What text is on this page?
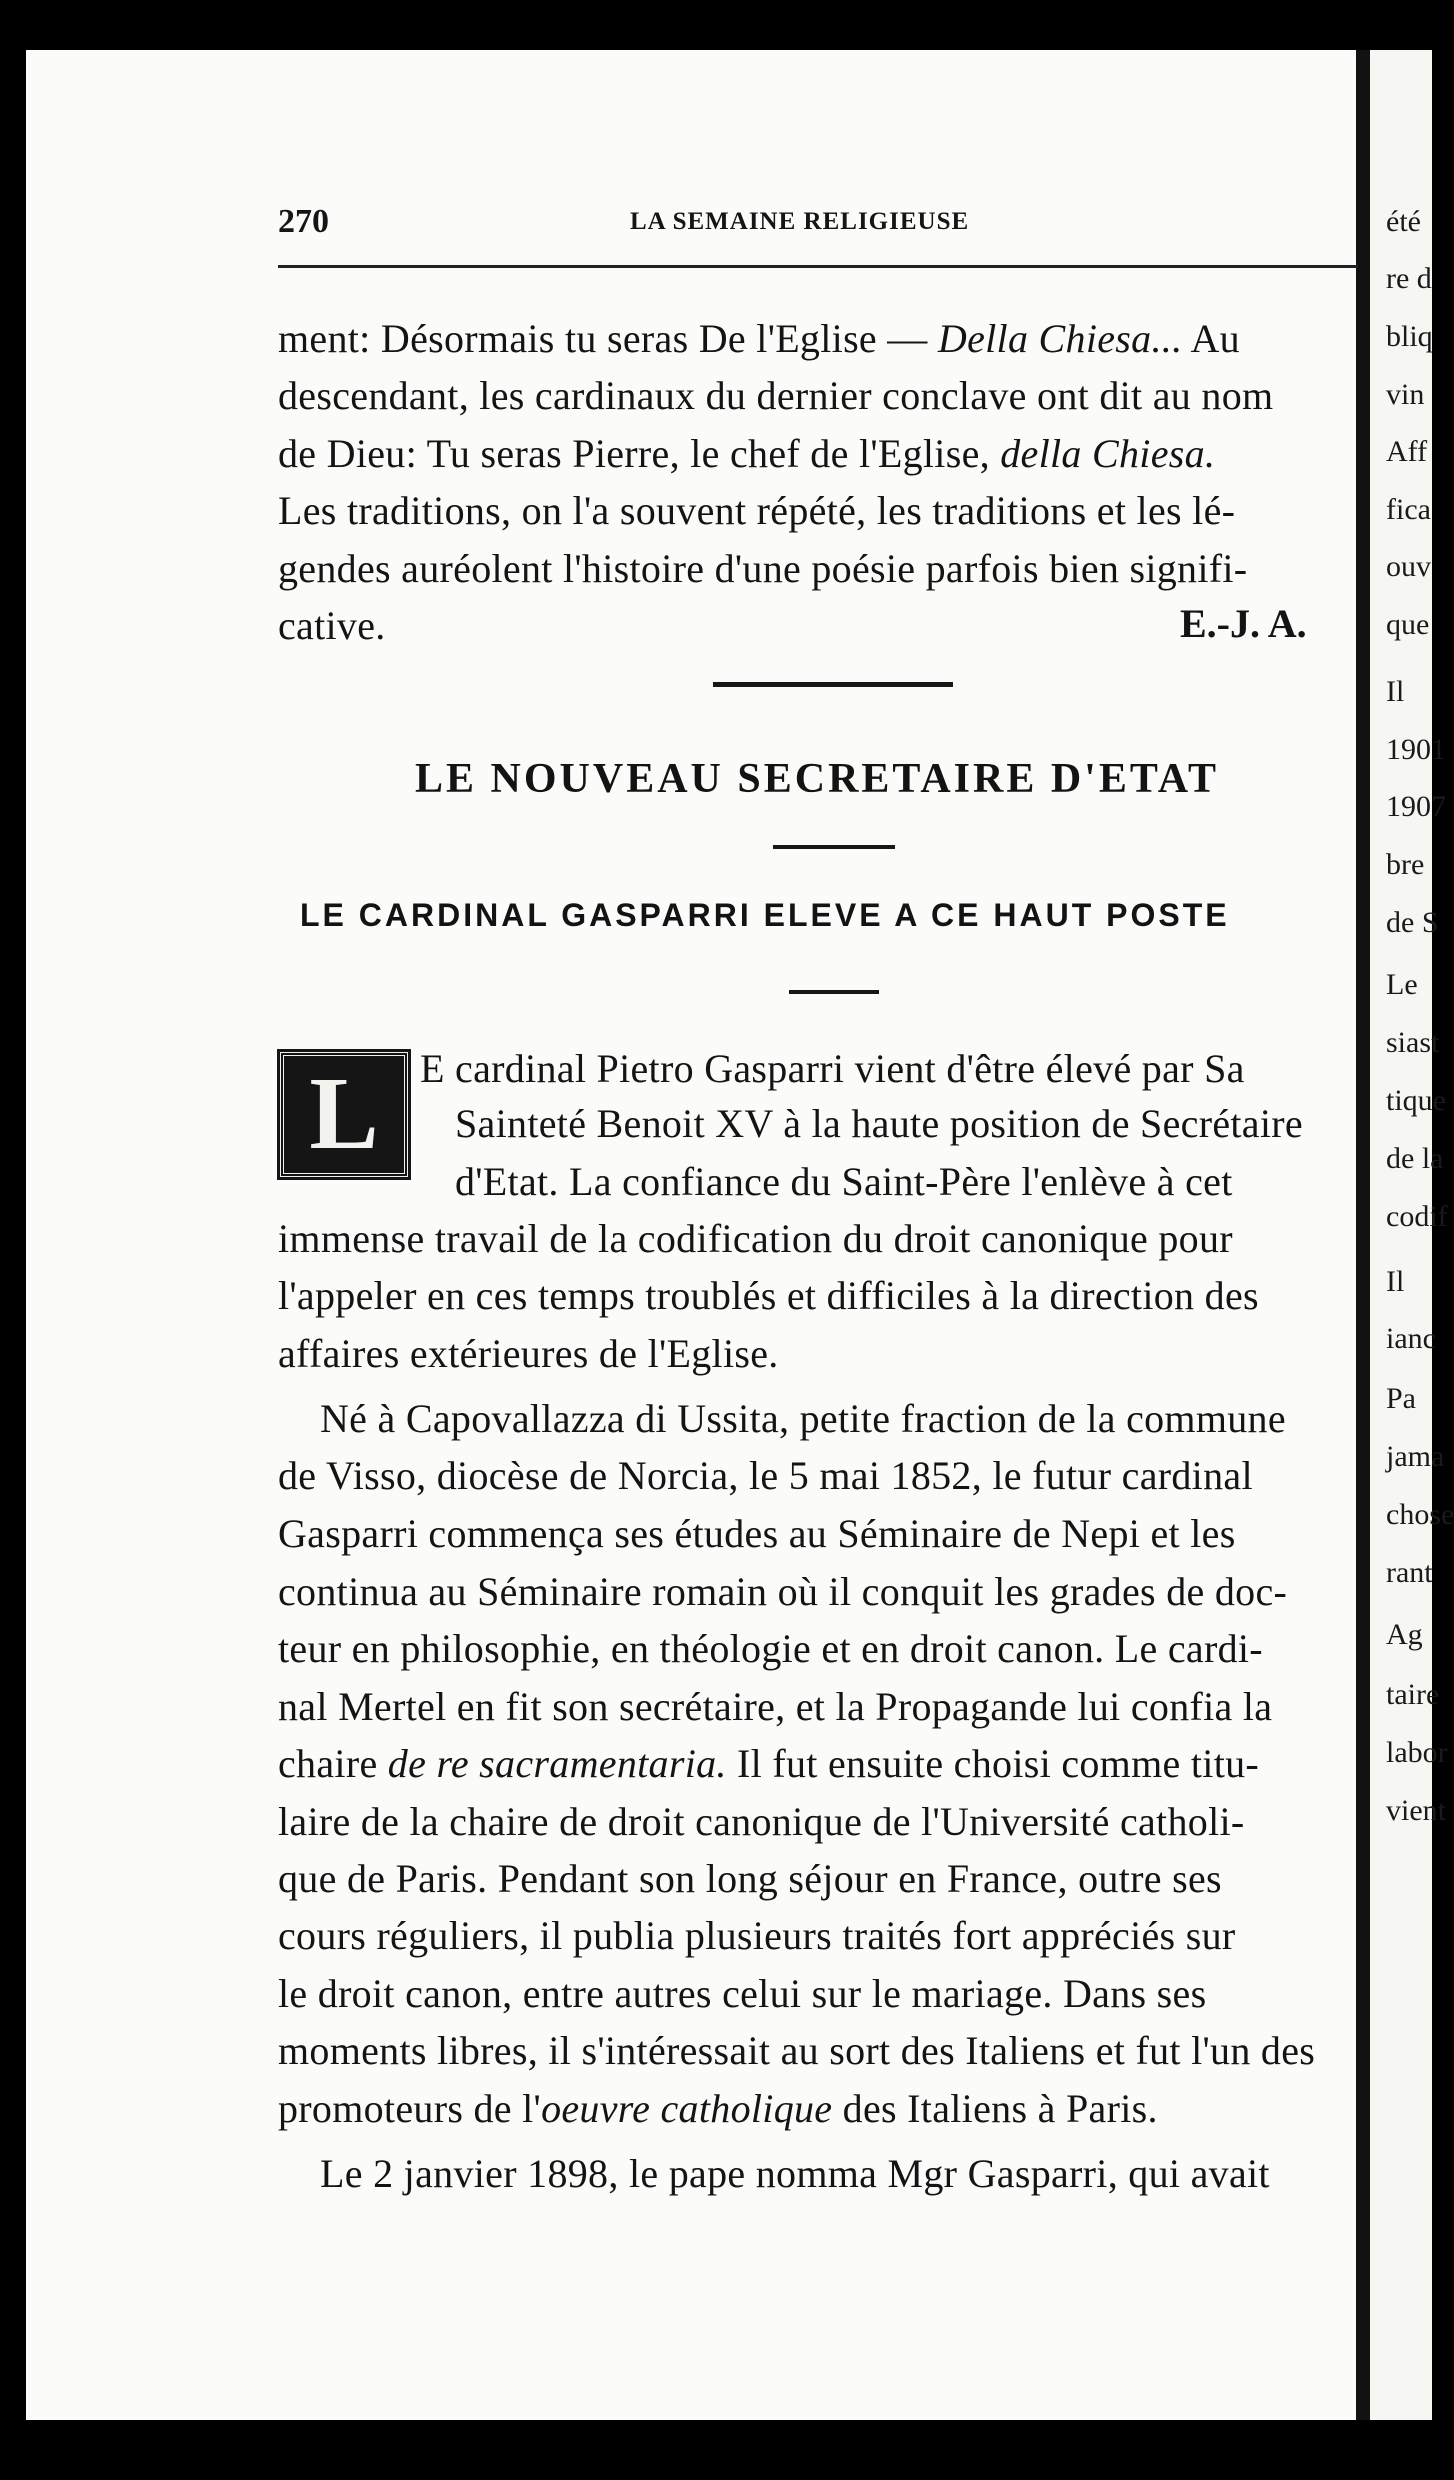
été
re d
bliq
vin
Aff
fica
ouv
que
Il
1901
1907
bre
de S
Le
siast
tique
de la
codif
Il
ianc
Pa
jama
chose
rant
Ag
taire
labor
vient
270	LA SEMAINE RELIGIEUSE
ment: Désormais tu seras De l'Eglise — Della Chiesa... Au
descendant, les cardinaux du dernier conclave ont dit au nom
de Dieu: Tu seras Pierre, le chef de l'Eglise, della Chiesa.
Les traditions, on l'a souvent répété, les traditions et les lé-
gendes auréolent l'histoire d'une poésie parfois bien signifi-
cative.	E.-J. A.
LE NOUVEAU SECRETAIRE D'ETAT
LE CARDINAL GASPARRI ELEVE A CE HAUT POSTE
L	E cardinal Pietro Gasparri vient d'être élevé par Sa
Sainteté Benoit XV à la haute position de Secrétaire
d'Etat. La confiance du Saint-Père l'enlève à cet
immense travail de la codification du droit canonique pour
l'appeler en ces temps troublés et difficiles à la direction des
affaires extérieures de l'Eglise.
Né à Capovallazza di Ussita, petite fraction de la commune
de Visso, diocèse de Norcia, le 5 mai 1852, le futur cardinal
Gasparri commença ses études au Séminaire de Nepi et les
continua au Séminaire romain où il conquit les grades de doc-
teur en philosophie, en théologie et en droit canon. Le cardi-
nal Mertel en fit son secrétaire, et la Propagande lui confia la
chaire de re sacramentaria. Il fut ensuite choisi comme titu-
laire de la chaire de droit canonique de l'Université catholi-
que de Paris. Pendant son long séjour en France, outre ses
cours réguliers, il publia plusieurs traités fort appréciés sur
le droit canon, entre autres celui sur le mariage. Dans ses
moments libres, il s'intéressait au sort des Italiens et fut l'un des
promoteurs de l'oeuvre catholique des Italiens à Paris.
Le 2 janvier 1898, le pape nomma Mgr Gasparri, qui avait
